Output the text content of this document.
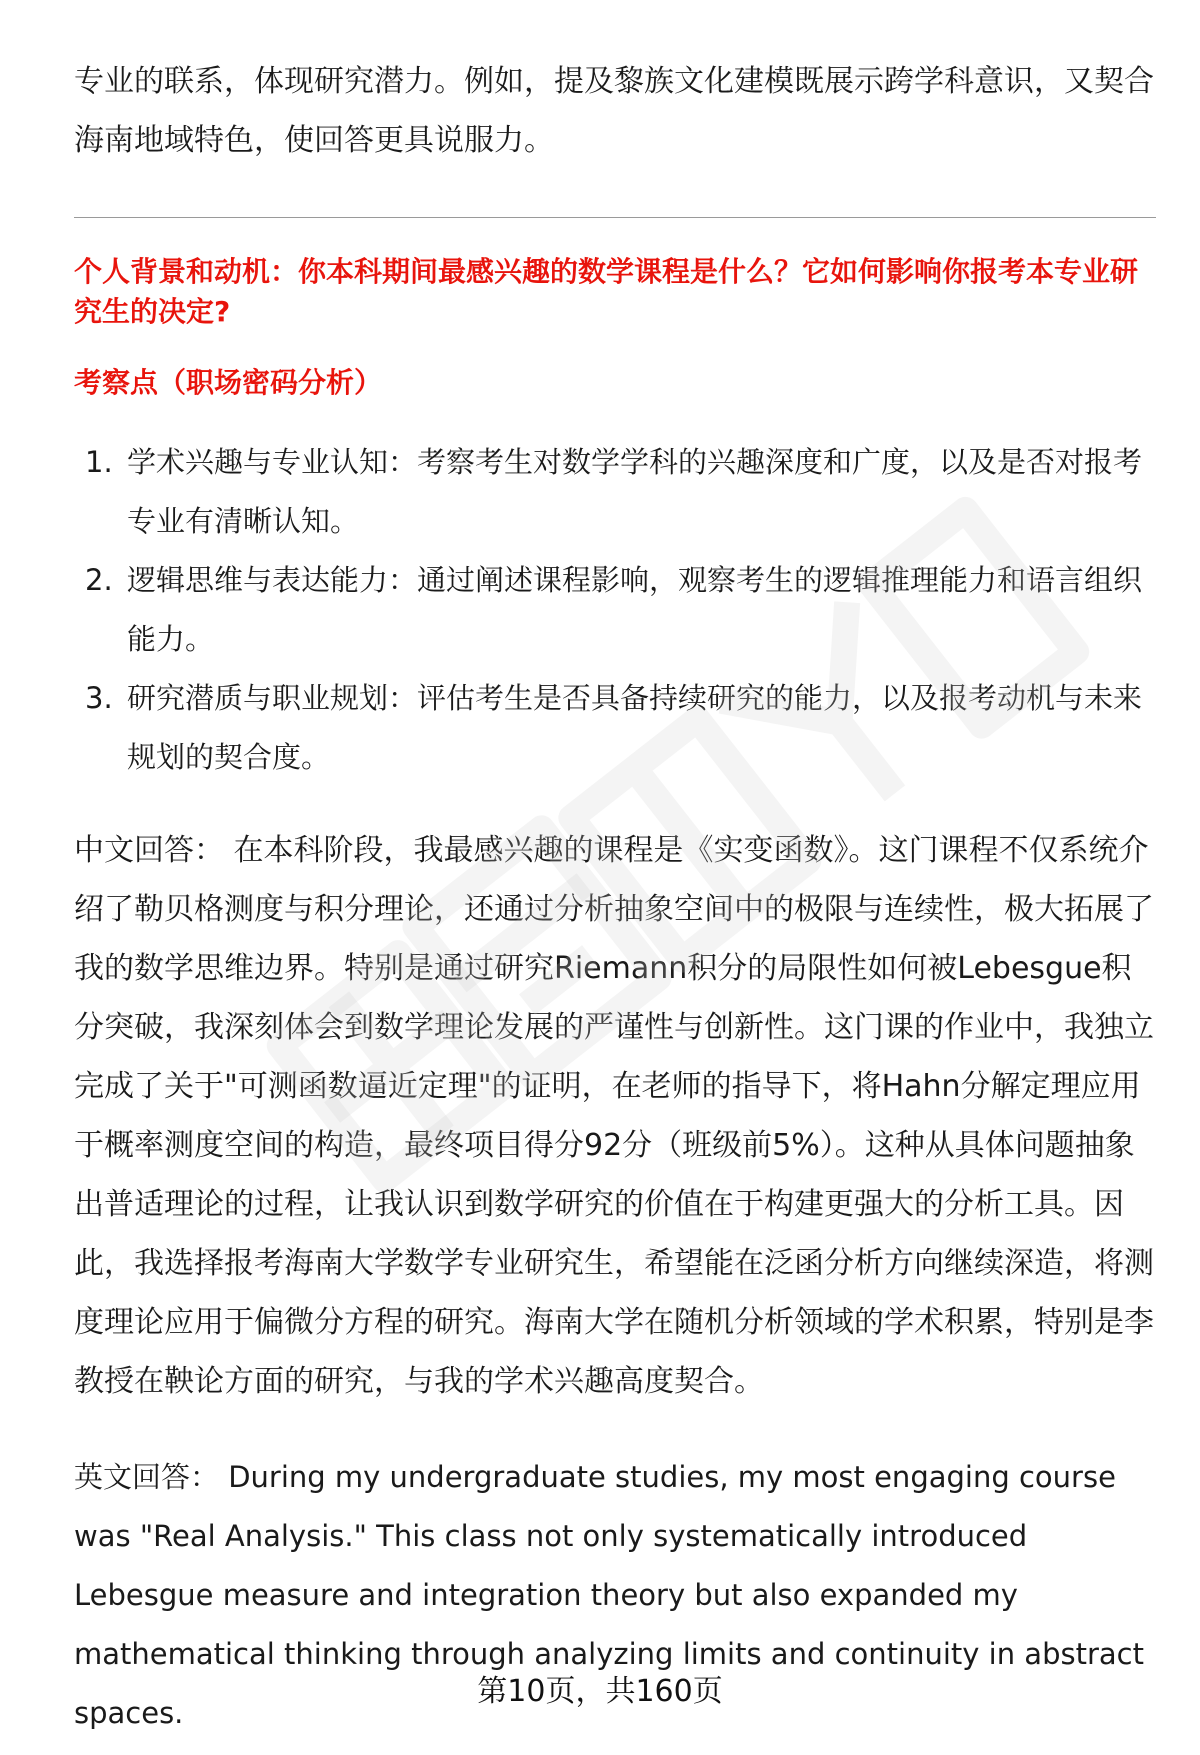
专业的联系，体现研究潜力。例如，提及黎族文化建模既展示跨学科意识，又契合海南地域特色，使回答更具说服力。

个人背景和动机：你本科期间最感兴趣的数学课程是什么？它如何影响你报考本专业研究生的决定?

考察点（职场密码分析）

1. 学术兴趣与专业认知：考察考生对数学学科的兴趣深度和广度，以及是否对报考专业有清晰认知。
2. 逻辑思维与表达能力：通过阐述课程影响，观察考生的逻辑推理能力和语言组织能力。
3. 研究潜质与职业规划：评估考生是否具备持续研究的能力，以及报考动机与未来规划的契合度。

中文回答： 在本科阶段，我最感兴趣的课程是《实变函数》。这门课程不仅系统介绍了勒贝格测度与积分理论，还通过分析抽象空间中的极限与连续性，极大拓展了我的数学思维边界。特别是通过研究Riemann积分的局限性如何被Lebesgue积分突破，我深刻体会到数学理论发展的严谨性与创新性。这门课的作业中，我独立完成了关于"可测函数逼近定理"的证明，在老师的指导下，将Hahn分解定理应用于概率测度空间的构造，最终项目得分92分（班级前5%）。这种从具体问题抽象出普适理论的过程，让我认识到数学研究的价值在于构建更强大的分析工具。因此，我选择报考海南大学数学专业研究生，希望能在泛函分析方向继续深造，将测度理论应用于偏微分方程的研究。海南大学在随机分析领域的学术积累，特别是李教授在鞅论方面的研究，与我的学术兴趣高度契合。

英文回答： During my undergraduate studies, my most engaging course was "Real Analysis." This class not only systematically introduced Lebesgue measure and integration theory but also expanded my mathematical thinking through analyzing limits and continuity in abstract spaces.

第10页，共160页
